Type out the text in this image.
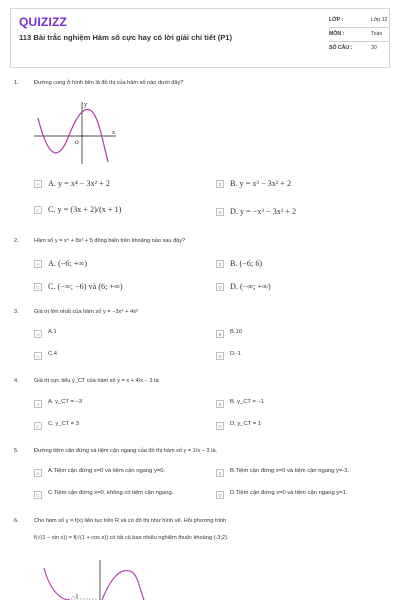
QUIZIZZ
113 Bài trắc nghiệm Hàm số cực hay có lời giải chi tiết (P1)
LỚP :	Lớp 12
MÔN :	Toán
SỐ CÂU :	30
1.	Đường cong ở hình bên là đồ thị của hàm số nào dưới đây?
y
x
O
A	A. y = x⁴ − 3x² + 2	B	B. y = x³ − 3x² + 2
C C. y = (3x + 2)/(x + 1)	D D. y = −x³ − 3x² + 2
2.	Hàm số y = x⁴ + 8x² + 5 đồng biến trên khoảng nào sau đây?
A	A. (−6; +∞)	B	B. (−6; 6)
C C. (−∞; −6) và (6; +∞)	D D. (−∞; +∞)
3.	Giá trị lớn nhất của hàm số y = −3x⁴ + 4x³
A	A.1	B	B.10
C	C.4	D	D.-1
4.	Giá trị cực tiểu y_CT của hàm số y = x + 4/x − 3 là:
A	A. y_CT = −3	B	B. y_CT = −1
C	C. y_CT = 3	D	D. y_CT = 1
5.	Đường tiệm cận đứng và tiệm cận ngang của đồ thị hàm số y = 1/x − 3 là.
A	A.Tiệm cận đứng x=0 và tiệm cận ngang y=0.	B	B.Tiệm cận đứng x=0 và tiệm cận ngang y=-3.
C	C.Tiệm cận đứng x=0, không có tiệm cận ngang.	D	D.Tiệm cận đứng x=0 và tiệm cận ngang y=1.
6.	Cho hàm số y = f(x) liên tục trên R và có đồ thị như hình vẽ. Hỏi phương trình
f(√(1 − sin x)) = f(√(1 + cos x)) có tất cả bao nhiêu nghiệm thuộc khoảng (-3;2).
−1
